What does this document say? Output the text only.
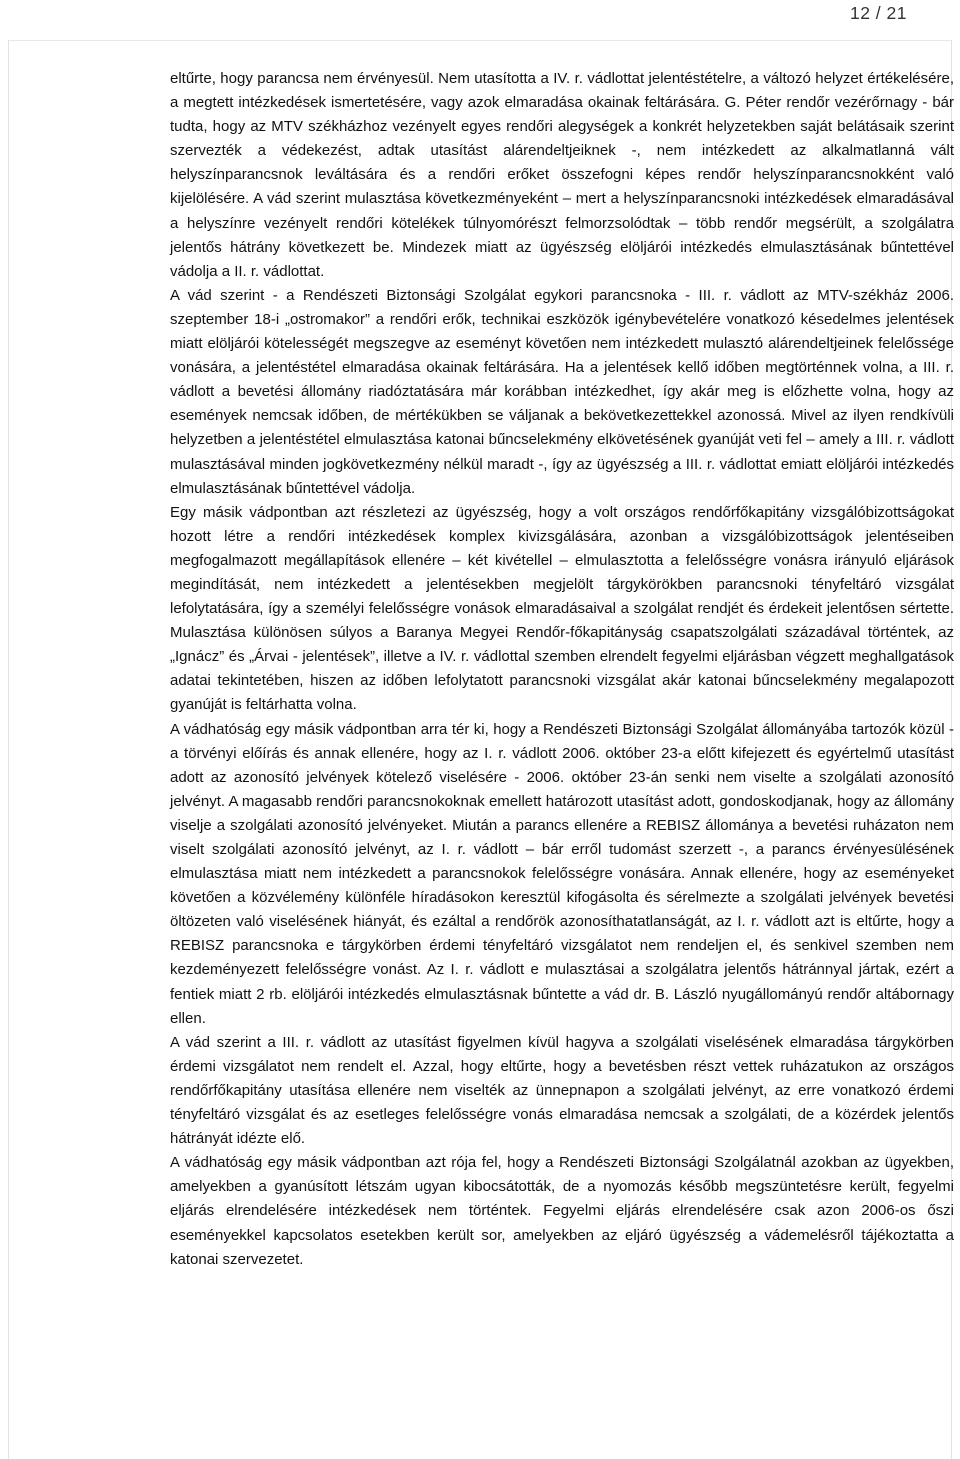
12 / 21

eltűrte, hogy parancsa nem érvényesül. Nem utasította a IV. r. vádlottat jelentéstételre, a változó helyzet értékelésére, a megtett intézkedések ismertetésére, vagy azok elmaradása okainak feltárására. G. Péter rendőr vezérőrnagy - bár tudta, hogy az MTV székházhoz vezényelt egyes rendőri alegységek a konkrét helyzetekben saját belátásaik szerint szervezték a védekezést, adtak utasítást alárendeltjeiknek -, nem intézkedett az alkalmatlanná vált helyszínparancsnok leváltására és a rendőri erőket összefogni képes rendőr helyszínparancsnokként való kijelölésére. A vád szerint mulasztása következményeként – mert a helyszínparancsnoki intézkedések elmaradásával a helyszínre vezényelt rendőri kötelékek túlnyomórészt felmorzsolódtak – több rendőr megsérült, a szolgálatra jelentős hátrány következett be. Mindezek miatt az ügyészség elöljárói intézkedés elmulasztásának bűntettével vádolja a II. r. vádlottat.

A vád szerint - a Rendészeti Biztonsági Szolgálat egykori parancsnoka - III. r. vádlott az MTV-székház 2006. szeptember 18-i „ostromakor” a rendőri erők, technikai eszközök igénybevételére vonatkozó késedelmes jelentések miatt elöljárói kötelességét megszegve az eseményt követően nem intézkedett mulasztó alárendeltjeinek felelőssége vonására, a jelentéstétel elmaradása okainak feltárására. Ha a jelentések kellő időben megtörténnek volna, a III. r. vádlott a bevetési állomány riadóztatására már korábban intézkedhet, így akár meg is előzhette volna, hogy az események nemcsak időben, de mértékükben se váljanak a bekövetkezettekkel azonossá. Mivel az ilyen rendkívüli helyzetben a jelentéstétel elmulasztása katonai bűncselekmény elkövetésének gyanúját veti fel – amely a III. r. vádlott mulasztásával minden jogkövetkezmény nélkül maradt -, így az ügyészség a III. r. vádlottat emiatt elöljárói intézkedés elmulasztásának bűntettével vádolja.

Egy másik vádpontban azt részletezi az ügyészség, hogy a volt országos rendőrfőkapitány vizsgálóbizottságokat hozott létre a rendőri intézkedések komplex kivizsgálására, azonban a vizsgálóbizottságok jelentéseiben megfogalmazott megállapítások ellenére – két kivétellel – elmulasztotta a felelősségre vonásra irányuló eljárások megindítását, nem intézkedett a jelentésekben megjelölt tárgykörökben parancsnoki tényfeltáró vizsgálat lefolytatására, így a személyi felelősségre vonások elmaradásaival a szolgálat rendjét és érdekeit jelentősen sértette. Mulasztása különösen súlyos a Baranya Megyei Rendőr-főkapitányság csapatszolgálati századával történtek, az „Ignácz” és „Árvai - jelentések”, illetve a IV. r. vádlottal szemben elrendelt fegyelmi eljárásban végzett meghallgatások adatai tekintetében, hiszen az időben lefolytatott parancsnoki vizsgálat akár katonai bűncselekmény megalapozott gyanúját is feltárhatta volna.

A vádhatóság egy másik vádpontban arra tér ki, hogy a Rendészeti Biztonsági Szolgálat állományába tartozók közül - a törvényi előírás és annak ellenére, hogy az I. r. vádlott 2006. október 23-a előtt kifejezett és egyértelmű utasítást adott az azonosító jelvények kötelező viselésére - 2006. október 23-án senki nem viselte a szolgálati azonosító jelvényt. A magasabb rendőri parancsnokoknak emellett határozott utasítást adott, gondoskodjanak, hogy az állomány viselje a szolgálati azonosító jelvényeket. Miután a parancs ellenére a REBISZ állománya a bevetési ruházaton nem viselt szolgálati azonosító jelvényt, az I. r. vádlott – bár erről tudomást szerzett -, a parancs érvényesülésének elmulasztása miatt nem intézkedett a parancsnokok felelősségre vonására. Annak ellenére, hogy az eseményeket követően a közvélemény különféle híradásokon keresztül kifogásolta és sérelmezte a szolgálati jelvények bevetési öltözeten való viselésének hiányát, és ezáltal a rendőrök azonosíthatatlanságát, az I. r. vádlott azt is eltűrte, hogy a REBISZ parancsnoka e tárgykörben érdemi tényfeltáró vizsgálatot nem rendeljen el, és senkivel szemben nem kezdeményezett felelősségre vonást. Az I. r. vádlott e mulasztásai a szolgálatra jelentős hátránnyal jártak, ezért a fentiek miatt 2 rb. elöljárói intézkedés elmulasztásnak bűntette a vád dr. B. László nyugállományú rendőr altábornagy ellen.

A vád szerint a III. r. vádlott az utasítást figyelmen kívül hagyva a szolgálati viselésének elmaradása tárgykörben érdemi vizsgálatot nem rendelt el. Azzal, hogy eltűrte, hogy a bevetésben részt vettek ruházatukon az országos rendőrfőkapitány utasítása ellenére nem viselték az ünnepnapon a szolgálati jelvényt, az erre vonatkozó érdemi tényfeltáró vizsgálat és az esetleges felelősségre vonás elmaradása nemcsak a szolgálati, de a közérdek jelentős hátrányát idézte elő.

A vádhatóság egy másik vádpontban azt rója fel, hogy a Rendészeti Biztonsági Szolgálatnál azokban az ügyekben, amelyekben a gyanúsított létszám ugyan kibocsátották, de a nyomozás később megszüntetésre került, fegyelmi eljárás elrendelésére intézkedések nem történtek. Fegyelmi eljárás elrendelésére csak azon 2006-os őszi eseményekkel kapcsolatos esetekben került sor, amelyekben az eljáró ügyészség a vádemelésről tájékoztatta a katonai szervezetet.
